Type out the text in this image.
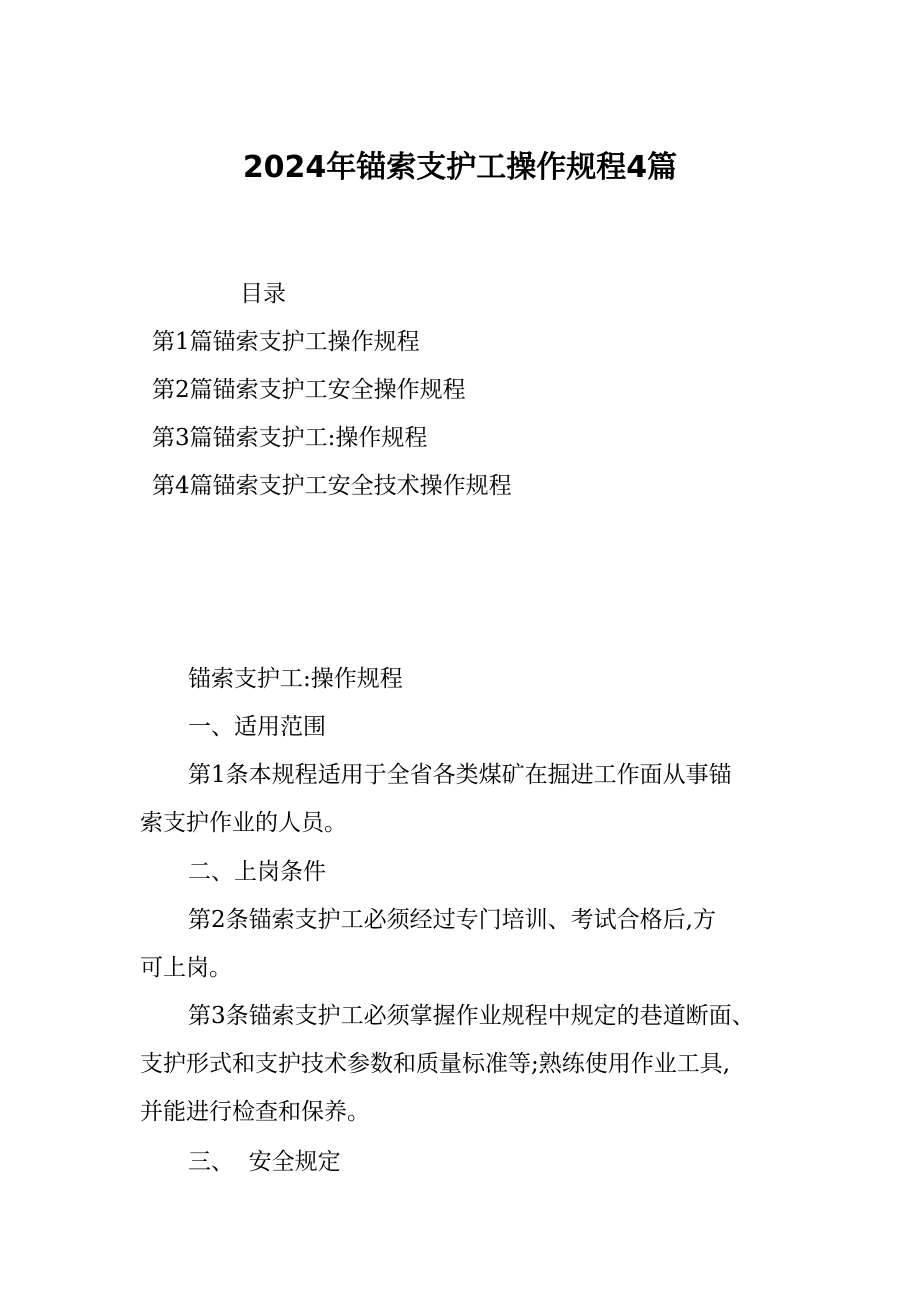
2024年锚索支护工操作规程4篇

目录

第1篇锚索支护工操作规程

第2篇锚索支护工安全操作规程

第3篇锚索支护工:操作规程

第4篇锚索支护工安全技术操作规程

锚索支护工:操作规程

一、适用范围

第1条本规程适用于全省各类煤矿在掘进工作面从事锚

索支护作业的人员。

二、上岗条件

第2条锚索支护工必须经过专门培训、考试合格后,方

可上岗。

第3条锚索支护工必须掌握作业规程中规定的巷道断面、

支护形式和支护技术参数和质量标准等;熟练使用作业工具,

并能进行检查和保养。

三、  安全规定
